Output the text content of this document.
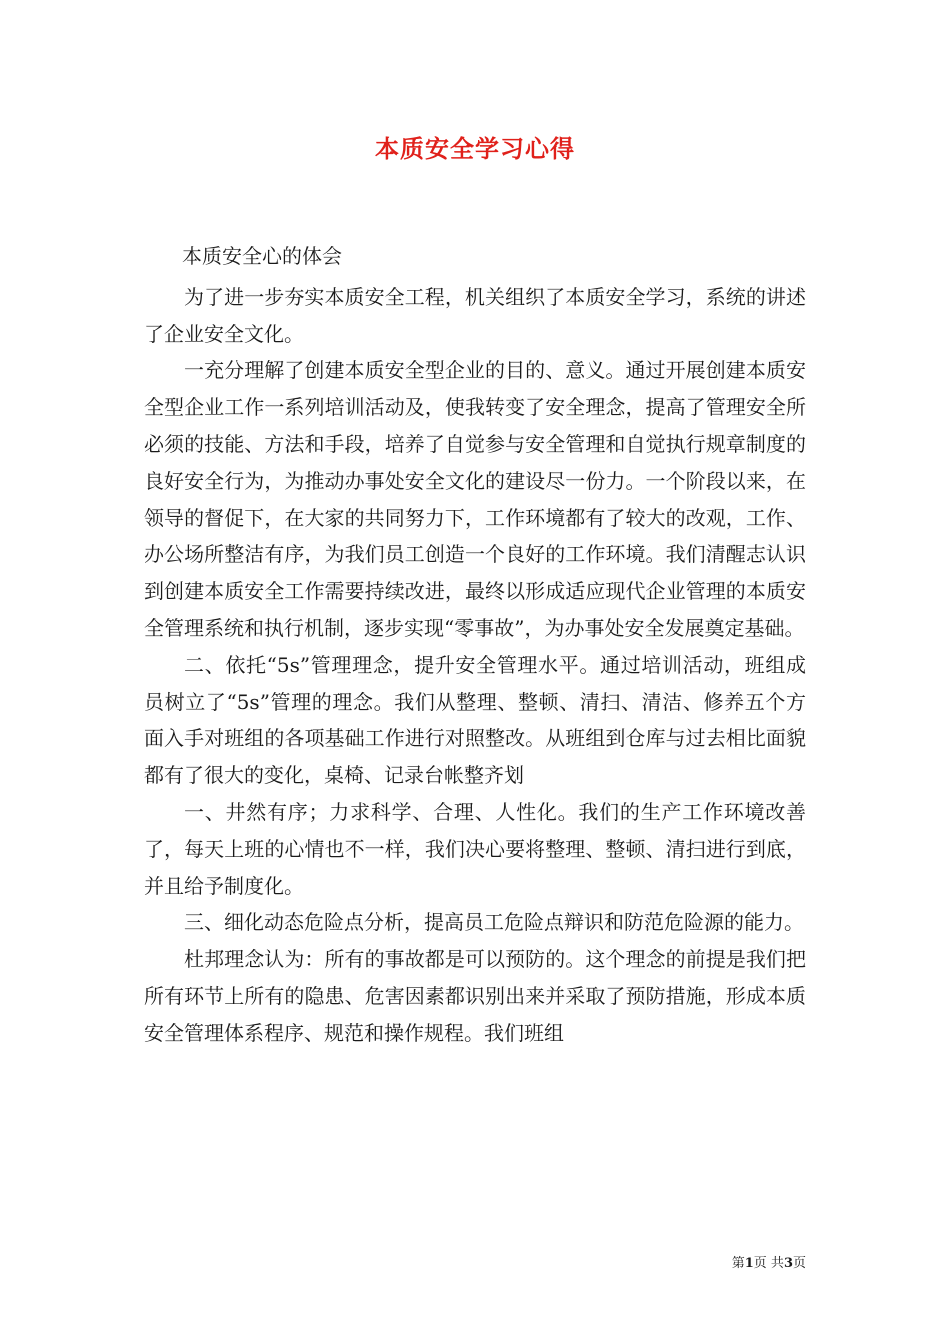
本质安全学习心得

本质安全心的体会

为了进一步夯实本质安全工程，机关组织了本质安全学习，系统的讲述了企业安全文化。

一充分理解了创建本质安全型企业的目的、意义。通过开展创建本质安全型企业工作一系列培训活动及，使我转变了安全理念，提高了管理安全所必须的技能、方法和手段，培养了自觉参与安全管理和自觉执行规章制度的良好安全行为，为推动办事处安全文化的建设尽一份力。一个阶段以来，在领导的督促下，在大家的共同努力下，工作环境都有了较大的改观，工作、办公场所整洁有序，为我们员工创造一个良好的工作环境。我们清醒志认识到创建本质安全工作需要持续改进，最终以形成适应现代企业管理的本质安全管理系统和执行机制，逐步实现“零事故”，为办事处安全发展奠定基础。

二、依托“5s”管理理念，提升安全管理水平。通过培训活动，班组成员树立了“5s”管理的理念。我们从整理、整顿、清扫、清洁、修养五个方面入手对班组的各项基础工作进行对照整改。从班组到仓库与过去相比面貌都有了很大的变化，桌椅、记录台帐整齐划

一、井然有序；力求科学、合理、人性化。我们的生产工作环境改善了，每天上班的心情也不一样，我们决心要将整理、整顿、清扫进行到底，并且给予制度化。

三、细化动态危险点分析，提高员工危险点辩识和防范危险源的能力。

杜邦理念认为：所有的事故都是可以预防的。这个理念的前提是我们把所有环节上所有的隐患、危害因素都识别出来并采取了预防措施，形成本质安全管理体系程序、规范和操作规程。我们班组

第1页 共3页
